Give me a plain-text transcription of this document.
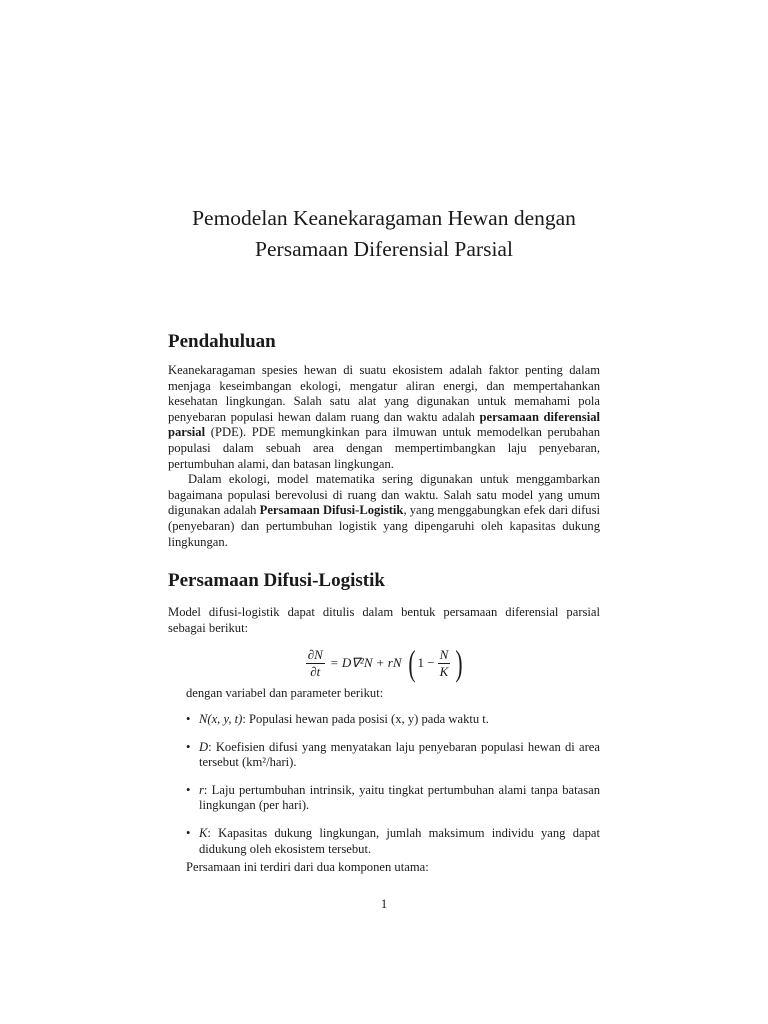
Pemodelan Keanekaragaman Hewan dengan
Persamaan Diferensial Parsial
Pendahuluan
Keanekaragaman spesies hewan di suatu ekosistem adalah faktor penting dalam menjaga keseimbangan ekologi, mengatur aliran energi, dan mempertahankan kesehatan lingkungan. Salah satu alat yang digunakan untuk memahami pola penyebaran populasi hewan dalam ruang dan waktu adalah persamaan diferensial parsial (PDE). PDE memungkinkan para ilmuwan untuk memodelkan perubahan populasi dalam sebuah area dengan mempertimbangkan laju penyebaran, pertumbuhan alami, dan batasan lingkungan.
Dalam ekologi, model matematika sering digunakan untuk menggambarkan bagaimana populasi berevolusi di ruang dan waktu. Salah satu model yang umum digunakan adalah Persamaan Difusi-Logistik, yang menggabungkan efek dari difusi (penyebaran) dan pertumbuhan logistik yang dipengaruhi oleh kapasitas dukung lingkungan.
Persamaan Difusi-Logistik
Model difusi-logistik dapat ditulis dalam bentuk persamaan diferensial parsial sebagai berikut:
$\frac{\partial N}{\partial t} = D\nabla^2N$ + rN ( $1 - \frac{N}{K}$ )
dengan variabel dan parameter berikut:
• N(x, y, t): Populasi hewan pada posisi (x, y) pada waktu t.
• D: Koefisien difusi yang menyatakan laju penyebaran populasi hewan di area tersebut (km²/hari).
• r: Laju pertumbuhan intrinsik, yaitu tingkat pertumbuhan alami tanpa batasan lingkungan (per hari).
• K: Kapasitas dukung lingkungan, jumlah maksimum individu yang dapat didukung oleh ekosistem tersebut.
Persamaan ini terdiri dari dua komponen utama:
1
